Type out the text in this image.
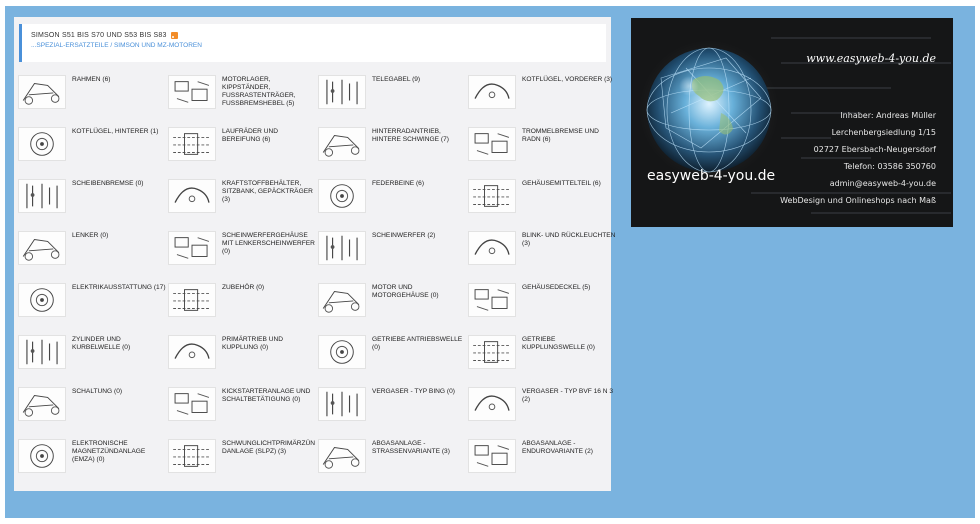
SIMSON S51 BIS S70 UND S53 BIS S83
...SPEZIAL-ERSATZTEILE / SIMSON UND MZ-MOTOREN
RAHMEN (6)	MOTORLAGER, KIPPSTÄNDER, FUSSRASTENTRÄGER, FUSSBREMSHEBEL (5)
TELEGABEL (9)	KOTFLÜGEL, VORDERER (3)
KOTFLÜGEL, HINTERER (1)	LAUFRÄDER UND BEREIFUNG (6)
HINTERRADANTRIEB, HINTERE SCHWINGE (7)
TROMMELBREMSE UND RADN (6)
SCHEIBENBREMSE (0)	KRAFTSTOFFBEHÄLTER, SITZBANK, GEPÄCKTRÄGER (3)
FEDERBEINE (6)	GEHÄUSEMITTELTEIL (6)
LENKER (0)	SCHEINWERFERGEHÄUSE MIT LENKERSCHEINWERFER (0)
SCHEINWERFER (2)	BLINK- UND RÜCKLEUCHTEN (3)
ELEKTRIKAUSSTATTUNG (17)	ZUBEHÖR (0)	MOTOR UND MOTORGEHÄUSE (0)
GEHÄUSEDECKEL (5)
ZYLINDER UND KURBELWELLE (0)
PRIMÄRTRIEB UND KUPPLUNG (0)
GETRIEBE ANTRIEBSWELLE (0)
GETRIEBE KUPPLUNGSWELLE (0)
SCHALTUNG (0)	KICKSTARTERANLAGE UND SCHALTBETÄTIGUNG (0)
VERGASER - TYP BING (0)	VERGASER - TYP BVF 16 N 3 (2)
ELEKTRONISCHE MAGNETZÜNDANLAGE (EMZA) (0)
SCHWUNGLICHTPRIMÄRZÜNDANLAGE (SLPZ) (3)
ABGASANLAGE - STRASSENVARIANTE (3)
ABGASANLAGE - ENDUROVARIANTE (2)
www.easyweb-4-you.de
easyweb-4-you.de
Inhaber: Andreas Müller
Lerchenbergsiedlung 1/15
02727 Ebersbach-Neugersdorf
Telefon: 03586 350760
admin@easyweb-4-you.de
WebDesign und Onlineshops nach Maß
